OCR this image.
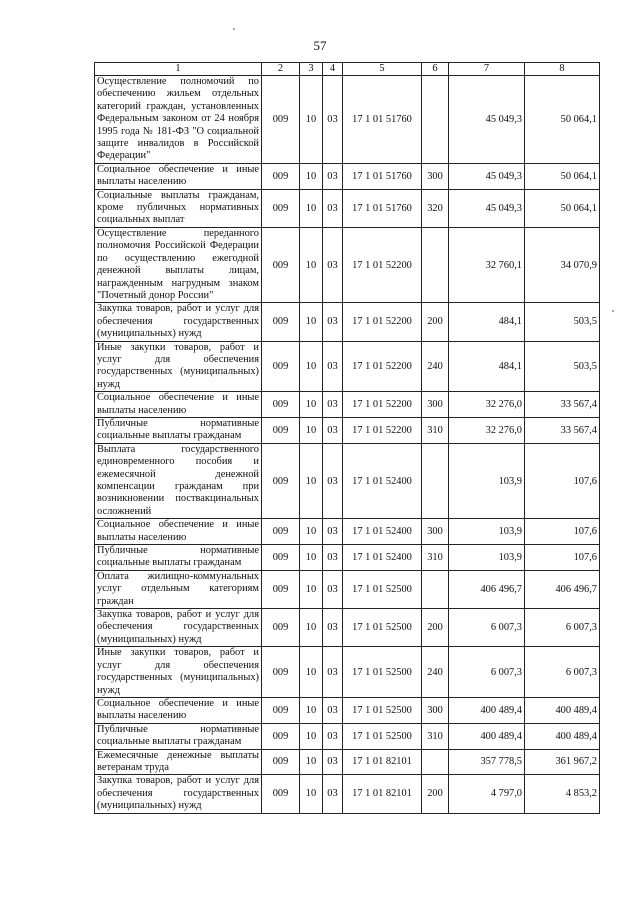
57
1	2	3	4	5	6	7	8
Осуществление полномочий по обеспечению жильем отдельных категорий граждан, установленных Федеральным законом от 24 ноября 1995 года № 181-ФЗ "О социальной защите инвалидов в Российской Федерации"	009	10	03	17 1 01 51760		45 049,3	50 064,1
Социальное обеспечение и иные выплаты населению	009	10	03	17 1 01 51760	300	45 049,3	50 064,1
Социальные выплаты гражданам, кроме публичных нормативных социальных выплат	009	10	03	17 1 01 51760	320	45 049,3	50 064,1
Осуществление переданного полномочия Российской Федерации по осуществлению ежегодной денежной выплаты лицам, награжденным нагрудным знаком "Почетный донор России"	009	10	03	17 1 01 52200		32 760,1	34 070,9
Закупка товаров, работ и услуг для обеспечения государственных (муниципальных) нужд	009	10	03	17 1 01 52200	200	484,1	503,5
Иные закупки товаров, работ и услуг для обеспечения государственных (муниципальных) нужд	009	10	03	17 1 01 52200	240	484,1	503,5
Социальное обеспечение и иные выплаты населению	009	10	03	17 1 01 52200	300	32 276,0	33 567,4
Публичные нормативные социальные выплаты гражданам	009	10	03	17 1 01 52200	310	32 276,0	33 567,4
Выплата государственного единовременного пособия и ежемесячной денежной компенсации гражданам при возникновении поствакцинальных осложнений	009	10	03	17 1 01 52400		103,9	107,6
Социальное обеспечение и иные выплаты населению	009	10	03	17 1 01 52400	300	103,9	107,6
Публичные нормативные социальные выплаты гражданам	009	10	03	17 1 01 52400	310	103,9	107,6
Оплата жилищно-коммунальных услуг отдельным категориям граждан	009	10	03	17 1 01 52500		406 496,7	406 496,7
Закупка товаров, работ и услуг для обеспечения государственных (муниципальных) нужд	009	10	03	17 1 01 52500	200	6 007,3	6 007,3
Иные закупки товаров, работ и услуг для обеспечения государственных (муниципальных) нужд	009	10	03	17 1 01 52500	240	6 007,3	6 007,3
Социальное обеспечение и иные выплаты населению	009	10	03	17 1 01 52500	300	400 489,4	400 489,4
Публичные нормативные социальные выплаты гражданам	009	10	03	17 1 01 52500	310	400 489,4	400 489,4
Ежемесячные денежные выплаты ветеранам труда	009	10	03	17 1 01 82101		357 778,5	361 967,2
Закупка товаров, работ и услуг для обеспечения государственных (муниципальных) нужд	009	10	03	17 1 01 82101	200	4 797,0	4 853,2
